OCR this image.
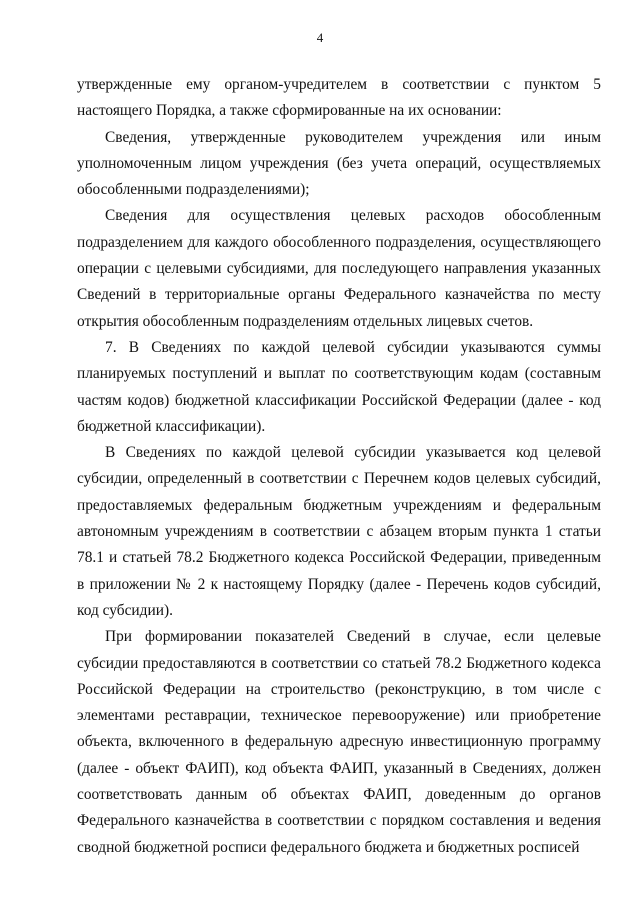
4

утвержденные ему органом-учредителем в соответствии с пунктом 5 настоящего Порядка, а также сформированные на их основании:

Сведения, утвержденные руководителем учреждения или иным уполномоченным лицом учреждения (без учета операций, осуществляемых обособленными подразделениями);

Сведения для осуществления целевых расходов обособленным подразделением для каждого обособленного подразделения, осуществляющего операции с целевыми субсидиями, для последующего направления указанных Сведений в территориальные органы Федерального казначейства по месту открытия обособленным подразделениям отдельных лицевых счетов.

7. В Сведениях по каждой целевой субсидии указываются суммы планируемых поступлений и выплат по соответствующим кодам (составным частям кодов) бюджетной классификации Российской Федерации (далее - код бюджетной классификации).

В Сведениях по каждой целевой субсидии указывается код целевой субсидии, определенный в соответствии с Перечнем кодов целевых субсидий, предоставляемых федеральным бюджетным учреждениям и федеральным автономным учреждениям в соответствии с абзацем вторым пункта 1 статьи 78.1 и статьей 78.2 Бюджетного кодекса Российской Федерации, приведенным в приложении № 2 к настоящему Порядку (далее - Перечень кодов субсидий, код субсидии).

При формировании показателей Сведений в случае, если целевые субсидии предоставляются в соответствии со статьей 78.2 Бюджетного кодекса Российской Федерации на строительство (реконструкцию, в том числе с элементами реставрации, техническое перевооружение) или приобретение объекта, включенного в федеральную адресную инвестиционную программу (далее - объект ФАИП), код объекта ФАИП, указанный в Сведениях, должен соответствовать данным об объектах ФАИП, доведенным до органов Федерального казначейства в соответствии с порядком составления и ведения сводной бюджетной росписи федерального бюджета и бюджетных росписей
